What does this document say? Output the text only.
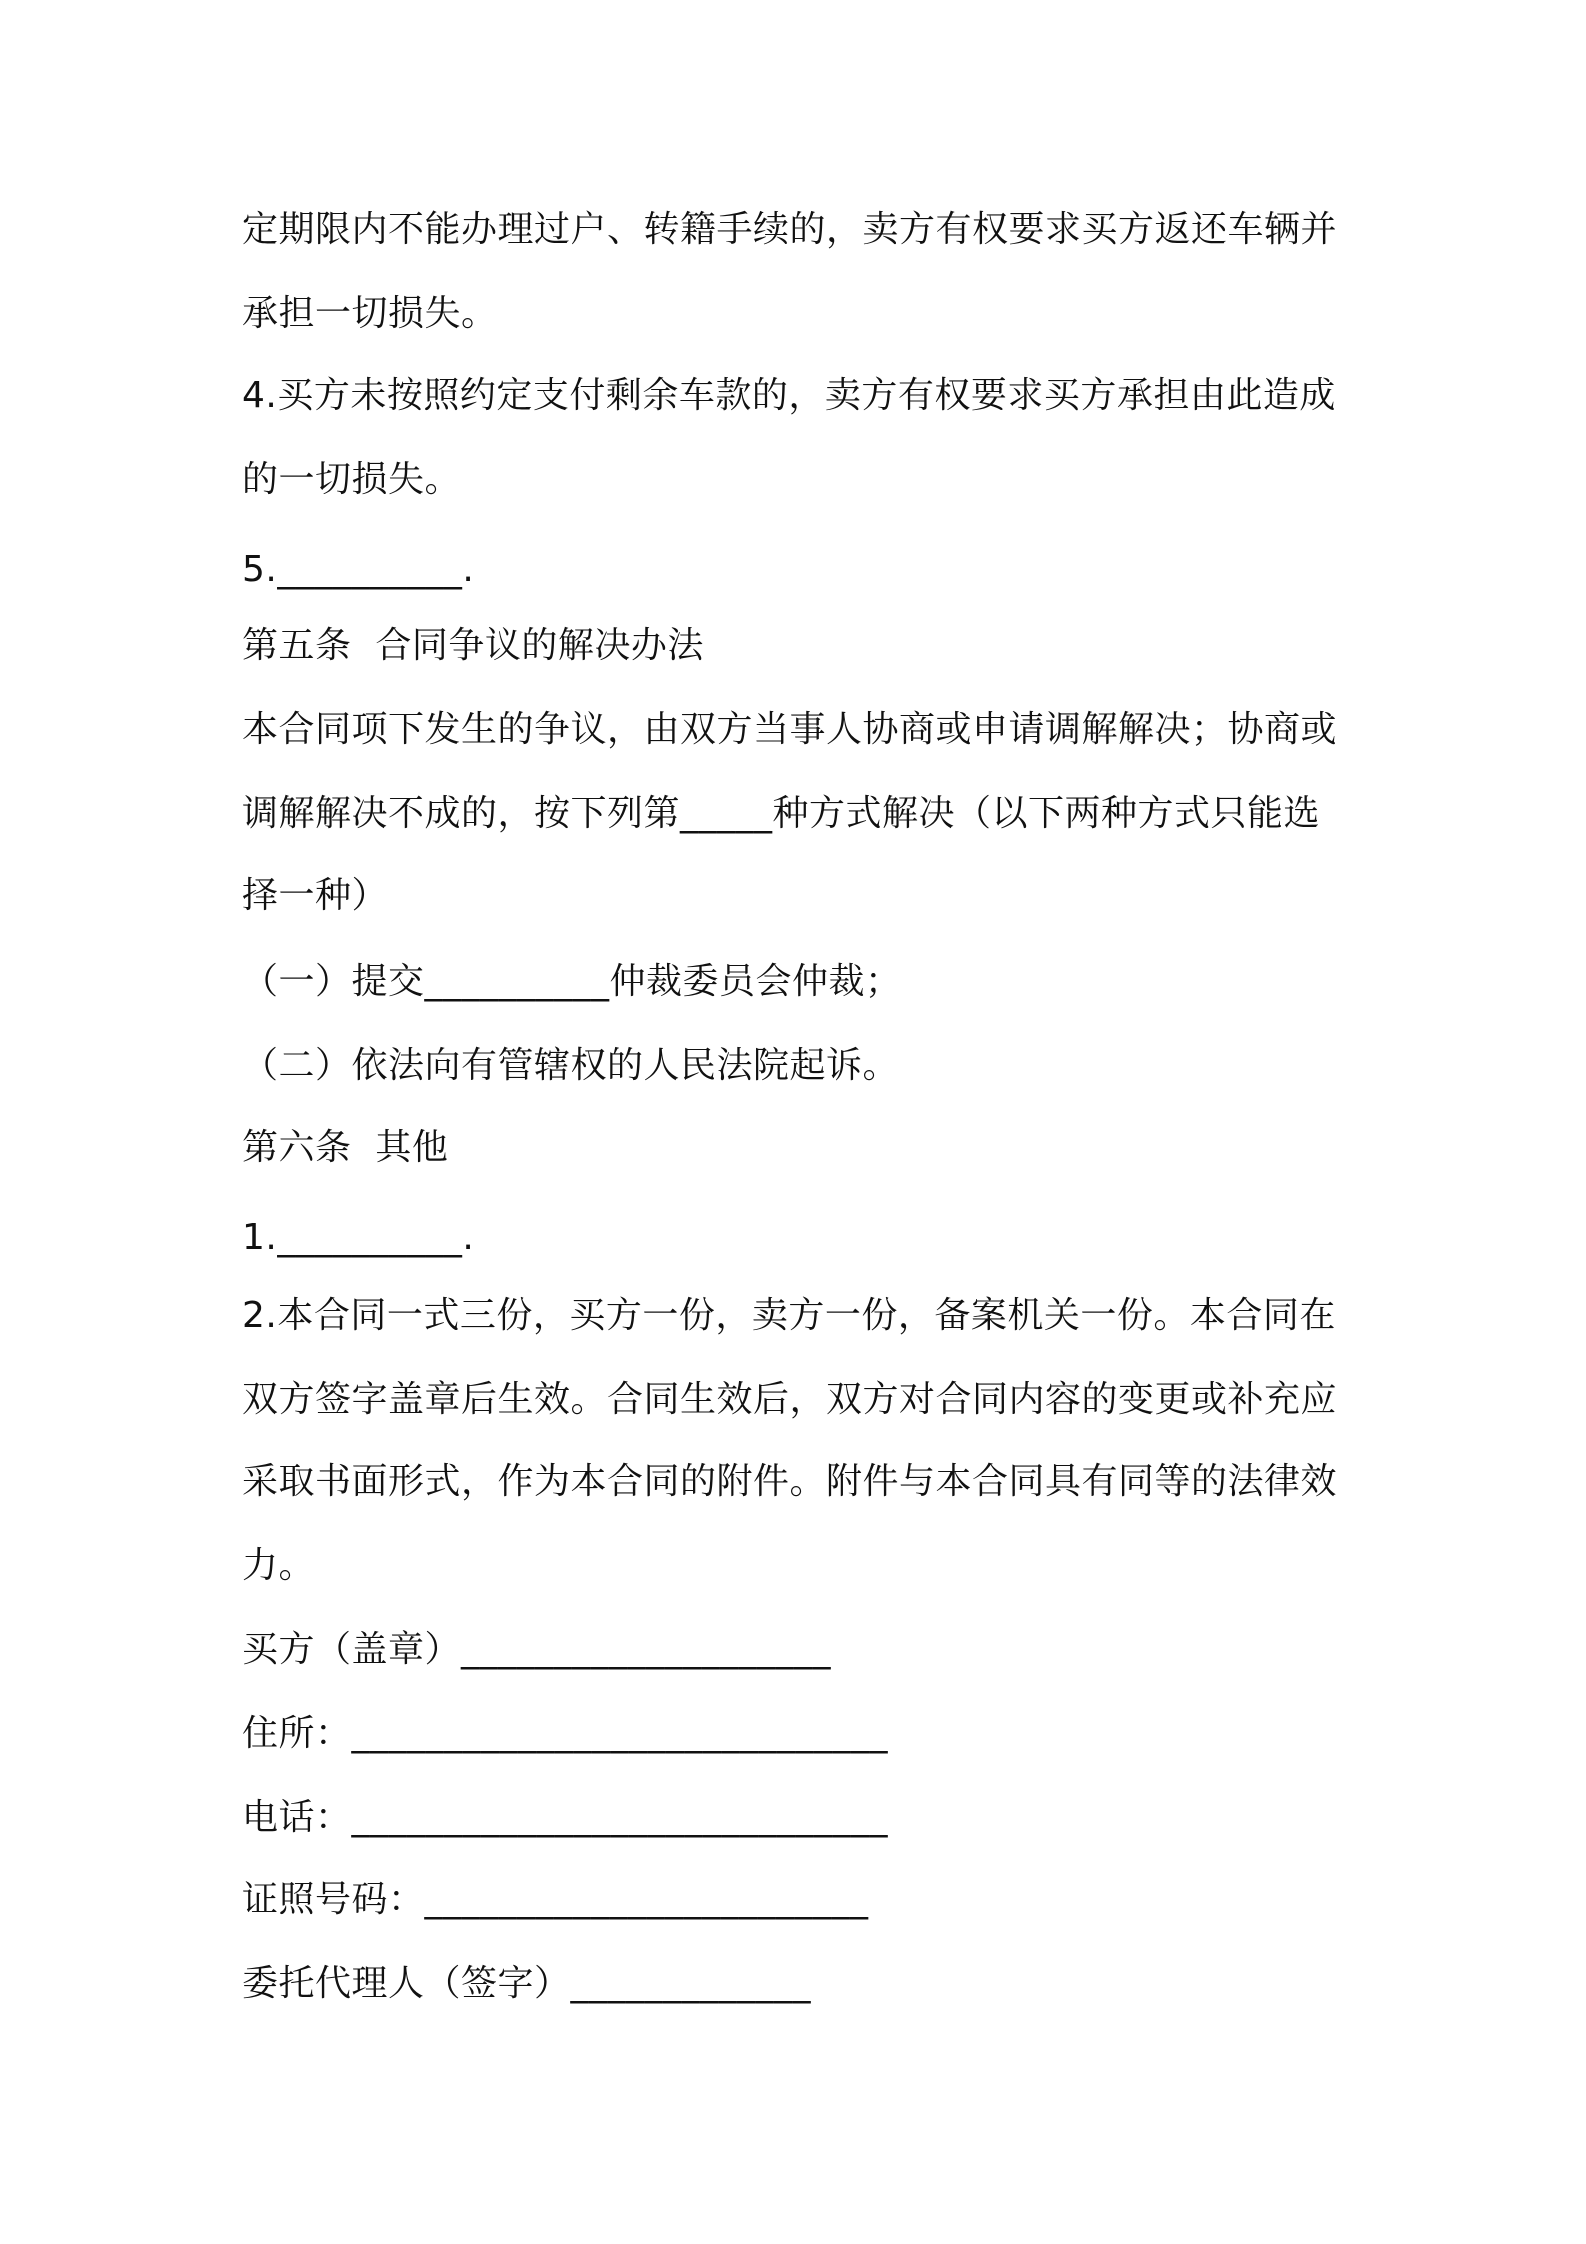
定期限内不能办理过户、转籍手续的，卖方有权要求买方返还车辆并
承担一切损失。
4.买方未按照约定支付剩余车款的，卖方有权要求买方承担由此造成
的一切损失。
5.__________.
第五条  合同争议的解决办法
本合同项下发生的争议，由双方当事人协商或申请调解解决；协商或
调解解决不成的，按下列第_____种方式解决（以下两种方式只能选
择一种）
（一）提交__________仲裁委员会仲裁；
（二）依法向有管辖权的人民法院起诉。
第六条  其他
1.__________.
2.本合同一式三份，买方一份，卖方一份，备案机关一份。本合同在
双方签字盖章后生效。合同生效后，双方对合同内容的变更或补充应
采取书面形式，作为本合同的附件。附件与本合同具有同等的法律效
力。
买方（盖章）____________________
住所：_____________________________
电话：_____________________________
证照号码：________________________
委托代理人（签字）_____________
